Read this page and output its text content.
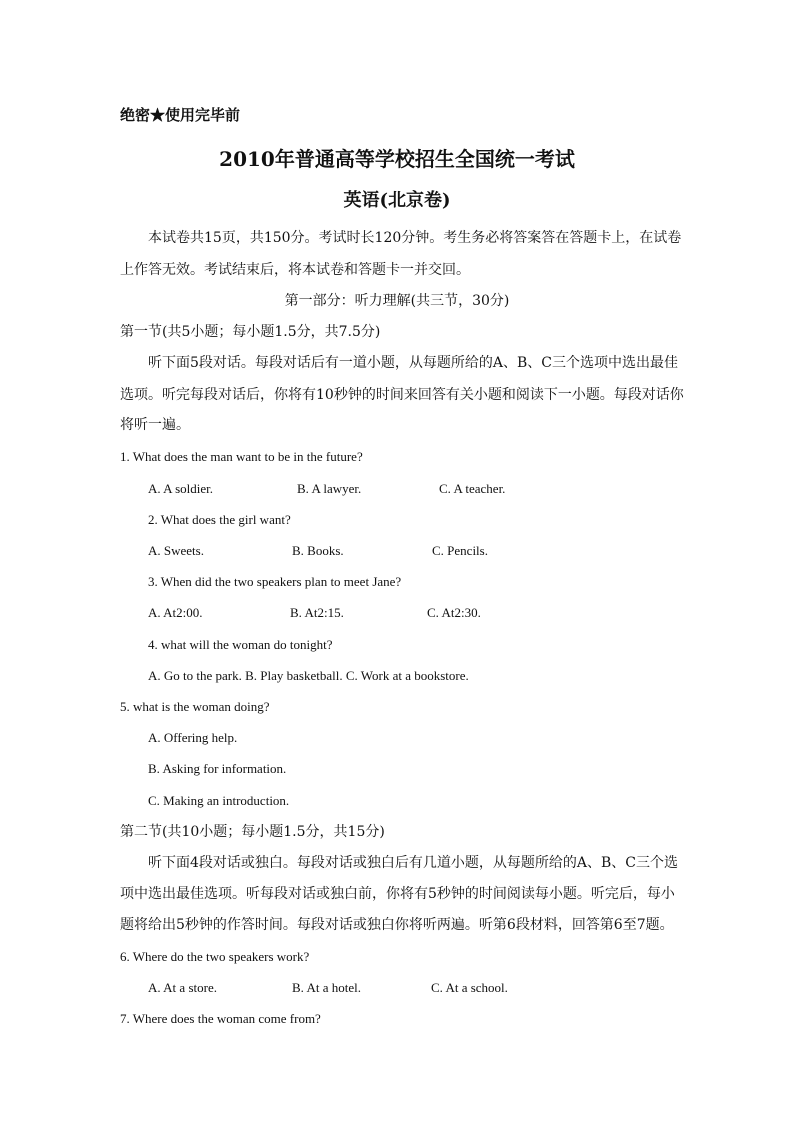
绝密★使用完毕前
2010年普通高等学校招生全国统一考试
英语(北京卷)
本试卷共15页，共150分。考试时长120分钟。考生务必将答案答在答题卡上，在试卷
上作答无效。考试结束后，将本试卷和答题卡一并交回。
第一部分：听力理解(共三节，30分)
第一节(共5小题；每小题1.5分，共7.5分)
听下面5段对话。每段对话后有一道小题，从每题所给的A、B、C三个选项中选出最佳
选项。听完每段对话后，你将有10秒钟的时间来回答有关小题和阅读下一小题。每段对话你
将听一遍。
1. What does the man want to be in the future?
A. A soldier.	B. A lawyer.	C. A teacher.
2. What does the girl want?
A. Sweets.	B. Books.	C. Pencils.
3. When did the two speakers plan to meet Jane?
A. At2:00.	B. At2:15.	C. At2:30.
4. what will the woman do tonight?
A. Go to the park. B. Play basketball. C. Work at a bookstore.
5. what is the woman doing?
A. Offering help.
B. Asking for information.
C. Making an introduction.
第二节(共10小题；每小题1.5分，共15分)
听下面4段对话或独白。每段对话或独白后有几道小题，从每题所给的A、B、C三个选
项中选出最佳选项。听每段对话或独白前，你将有5秒钟的时间阅读每小题。听完后，每小
题将给出5秒钟的作答时间。每段对话或独白你将听两遍。听第6段材料，回答第6至7题。
6. Where do the two speakers work?
A. At a store.	B. At a hotel.	C. At a school.
7. Where does the woman come from?
